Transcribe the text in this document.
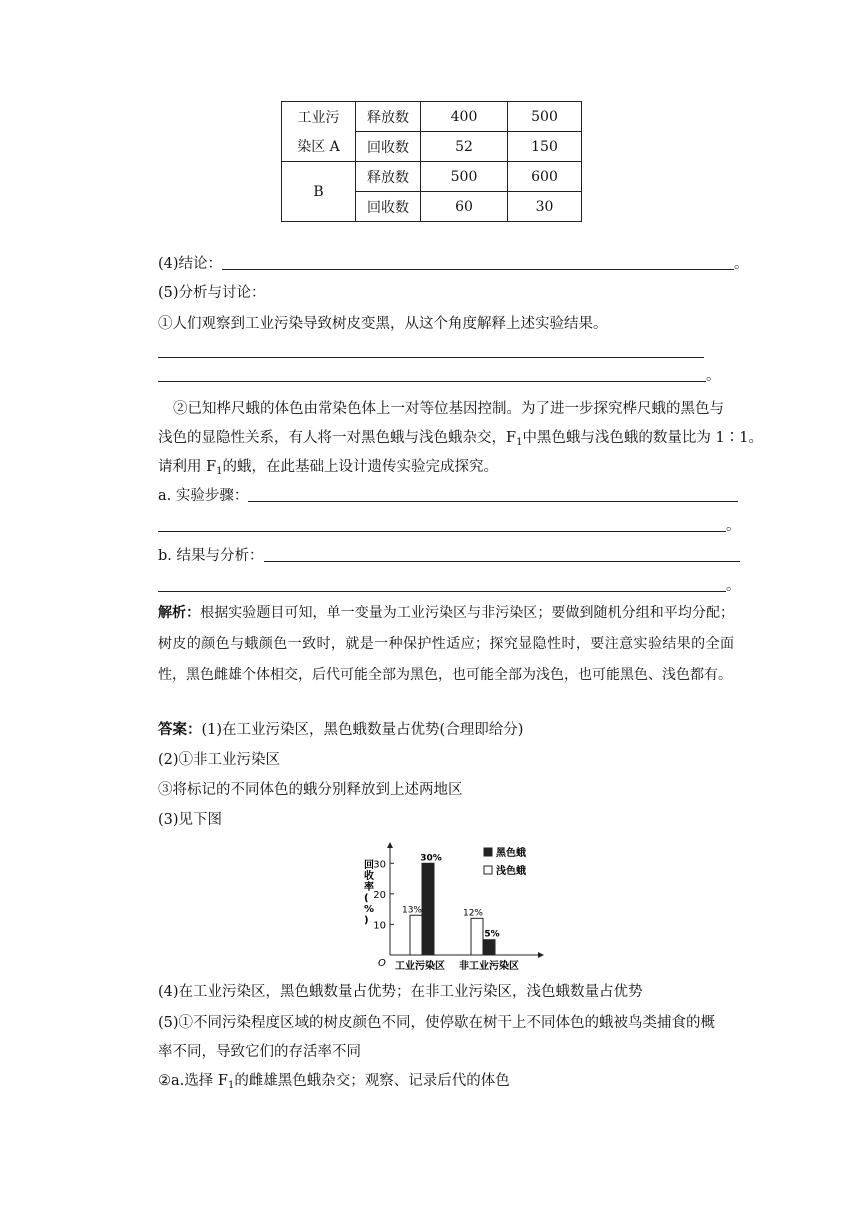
工业污	释放数	400	500
染区 A	回收数	52	150
B	释放数	500	600
	回收数	60	30
(4)结论：	。
(5)分析与讨论：
①人们观察到工业污染导致树皮变黑，从这个角度解释上述实验结果。
。
②已知桦尺蛾的体色由常染色体上一对等位基因控制。为了进一步探究桦尺蛾的黑色与
浅色的显隐性关系，有人将一对黑色蛾与浅色蛾杂交，$F_1$中黑色蛾与浅色蛾的数量比为 1∶1。
请利用 $F_1$的蛾，在此基础上设计遗传实验完成探究。
a. 实验步骤：
。
b. 结果与分析：
。
解析：根据实验题目可知，单一变量为工业污染区与非污染区；要做到随机分组和平均分配；树皮的颜色与蛾颜色一致时，就是一种保护性适应；探究显隐性时，要注意实验结果的全面性，黑色雌雄个体相交，后代可能全部为黑色，也可能全部为浅色，也可能黑色、浅色都有。
答案：(1)在工业污染区，黑色蛾数量占优势(合理即给分)
(2)①非工业污染区
③将标记的不同体色的蛾分别释放到上述两地区
(3)见下图
10
20
30
O
回收率( % )
13%
30%
工业污染区
12%
5%
非工业污染区
黑色蛾
浅色蛾
(4)在工业污染区，黑色蛾数量占优势；在非工业污染区，浅色蛾数量占优势
(5)①不同污染程度区域的树皮颜色不同，使停歇在树干上不同体色的蛾被鸟类捕食的概
率不同，导致它们的存活率不同
②a.选择 $F_1$的雌雄黑色蛾杂交；观察、记录后代的体色
